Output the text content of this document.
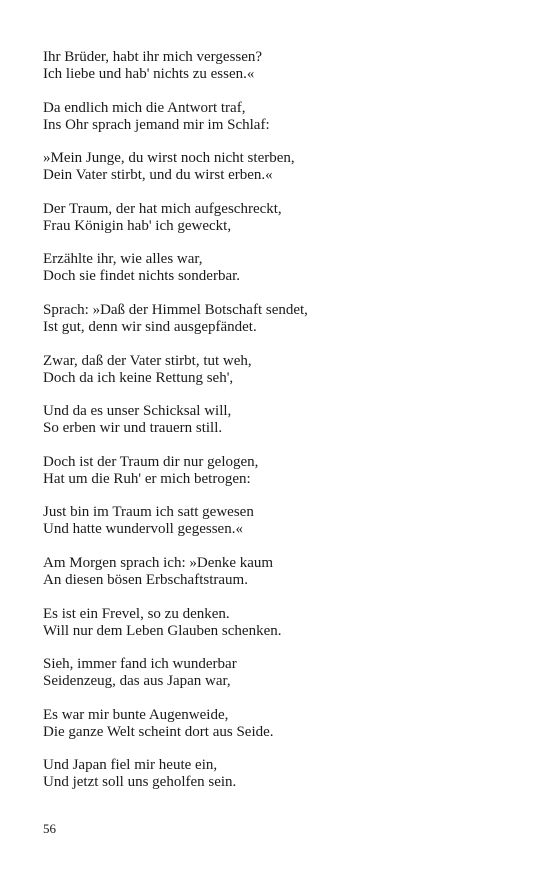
Ihr Brüder, habt ihr mich vergessen?
Ich liebe und hab' nichts zu essen.«
Da endlich mich die Antwort traf,
Ins Ohr sprach jemand mir im Schlaf:
»Mein Junge, du wirst noch nicht sterben,
Dein Vater stirbt, und du wirst erben.«
Der Traum, der hat mich aufgeschreckt,
Frau Königin hab' ich geweckt,
Erzählte ihr, wie alles war,
Doch sie findet nichts sonderbar.
Sprach: »Daß der Himmel Botschaft sendet,
Ist gut, denn wir sind ausgepfändet.
Zwar, daß der Vater stirbt, tut weh,
Doch da ich keine Rettung seh',
Und da es unser Schicksal will,
So erben wir und trauern still.
Doch ist der Traum dir nur gelogen,
Hat um die Ruh' er mich betrogen:
Just bin im Traum ich satt gewesen
Und hatte wundervoll gegessen.«
Am Morgen sprach ich: »Denke kaum
An diesen bösen Erbschaftstraum.
Es ist ein Frevel, so zu denken.
Will nur dem Leben Glauben schenken.
Sieh, immer fand ich wunderbar
Seidenzeug, das aus Japan war,
Es war mir bunte Augenweide,
Die ganze Welt scheint dort aus Seide.
Und Japan fiel mir heute ein,
Und jetzt soll uns geholfen sein.
56
